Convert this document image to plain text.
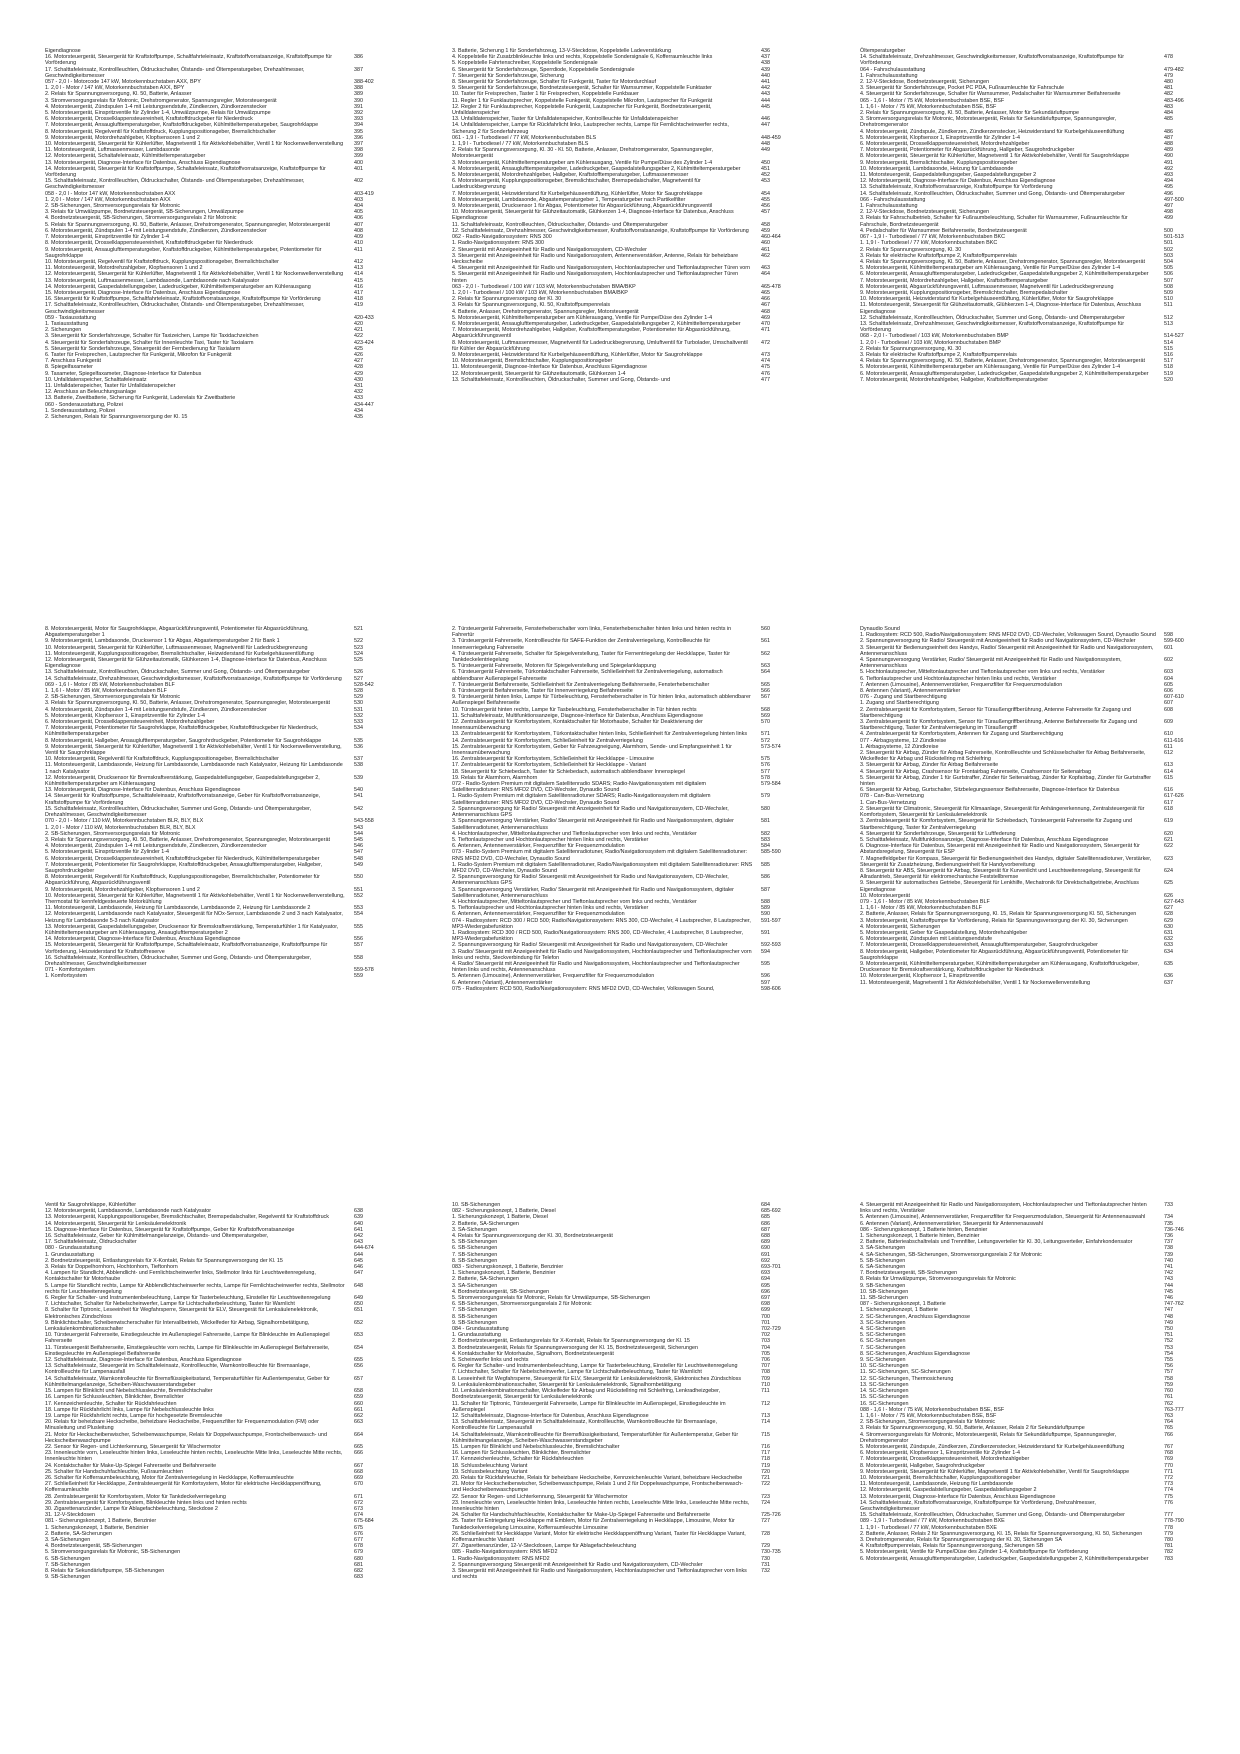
Eigendiagnose
16. Motorsteuergerät, Steuergerät für Kraftstoffpumpe, Schaltfahrteleinsatz, Kraftstoffvorratsanzeige, Kraftstoffpumpe für Vorförderung
386
17. Schalttafeleinsatz, Kontrollleuchten, Öldruckschalter, Ölstands- und Öltemperaturgeber, Drehzahlmesser, Geschwindigkeitsmesser
387
057 - 2,0 l - Motorcode 147 kW, Motorkennbuchstaben AXX, BPY	388-402
1. 2,0 l - Motor / 147 kW, Motorkennbuchstaben AXX, BPY	388
2. Relais für Spannungsversorgung, Kl. 50, Batterie, Anlasser	389
3. Stromversorgungsrelais für Motronic, Drehstromgenerator, Spannungsregler, Motorsteuergerät	390
4. Motorsteuergerät, Zündspulen 1-4 mit Leistungsendstufe, Zündkerzen, Zündkerzenstecker	391
5. Motorsteuergerät, Einspritzventile für Zylinder 1-4, Umwälzpumpe, Relais für Umwälzpumpe	392
6. Motorsteuergerät, Drosselklappensteuereinheit, Kraftstoffdruckgeber für Niederdruck	393
7. Motorsteuergerät, Ansauglufttemperaturgeber, Kraftstoffdruckgeber, Kühlmitteltemperaturgeber, Saugrohrklappe	394
8. Motorsteuergerät, Regelventil für Kraftstoffdruck, Kupplungspositionsgeber, Bremslichtschalter	395
9. Motorsteuergerät, Motordrehzahlgeber, Klopfsensoren 1 und 2	396
10. Motorsteuergerät, Steuergerät für Kühlerlüfter, Magnetventil 1 für Aktivkohlebehälter, Ventil 1 für Nockenwellenverstellung	397
11. Motorsteuergerät, Luftmassenmesser, Lambdasonde	398
12. Motorsteuergerät, Schaltafeleinsatz, Kühlmitteltemperaturgeber	399
13. Motorsteuergerät, Diagnose-Interface für Datenbus, Anschluss Eigendiagnose	400
14. Motorsteuergerät, Steuergerät für Kraftstoffpumpe, Schaltafeleinsatz, Kraftstoffvorratsanzeige, Kraftstoffpumpe für Vorförderung
401
15. Schalttafeleinsatz, Kontrollleuchten, Öldruckschalter, Ölstands- und Öltemperaturgeber, Drehzahlmesser, Geschwindigkeitsmesser
402
058 - 2,0 l - Motor 147 kW, Motorkennbuchstaben AXX	403-419
1. 2,0 l - Motor / 147 kW, Motorkennbuchstaben AXX	403
2. SB-Sicherungen, Stromversorgungsrelais für Motronic	404
3. Relais für Umwälzpumpe, Bordnetzsteuergerät, SB-Sicherungen, Umwälzpumpe	405
4. Bordnetzsteuergerät, SB-Sicherungen, Stromversorgungsrelais 2 für Motronic	406
5. Relais für Spannungsversorgung, Kl. 50, Batterie, Anlasser, Drehstromgenerator, Spannungsregler, Motorsteuergerät	407
6. Motorsteuergerät, Zündspulen 1-4 mit Leistungsendstufe, Zündkerzen, Zündkerzenstecker	408
7. Motorsteuergerät, Einspritzventile für Zylinder 1-4	409
8. Motorsteuergerät, Drosselklappensteuereinheit, Kraftstoffdruckgeber für Niederdruck	410
9. Motorsteuergerät, Ansauglufttemperaturgeber, Kraftstoffdruckgeber, Kühlmitteltemperaturgeber, Potentiometer für Saugrohrklappe
411
10. Motorsteuergerät, Regelventil für Kraftstoffdruck, Kupplungspositionsgeber, Bremslichtschalter	412
11. Motorsteuergerät, Motordrehzahlgeber, Klopfsensoren 1 und 2	413
12. Motorsteuergerät, Steuergerät für Kühlerlüfter, Magnetventil 1 für Aktivkohlebehälter, Ventil 1 für Nockenwellenverstellung	414
13. Motorsteuergerät, Luftmassenmesser, Lambdasonde, Lambdasonde nach Katalysator	415
14. Motorsteuergerät, Gaspedalstellungsgeber, Ladedruckgeber, Kühlmitteltemperaturgeber am Kühlerausgang	416
15. Motorsteuergerät, Diagnose-Interface für Datenbus, Anschluss Eigendiagnose	417
16. Steuergerät für Kraftstoffpumpe, Schaltfahrteleinsatz, Kraftstoffvorratsanzeige, Kraftstoffpumpe für Vorförderung	418
17. Schalttafeleinsatz, Kontrollleuchten, Öldruckschalter, Ölstands- und Öltemperaturgeber, Drehzahlmesser, Geschwindigkeitsmesser
419
059 - Taxiausstattung	420-433
1. Taxiausstattung	420
2. Sicherungen	421
3. Steuergerät für Sonderfahrzeuge, Schalter für Taxizeichen, Lampe für Taxidachzeichen	422
4. Steuergerät für Sonderfahrzeuge, Schalter für Innenleuchte Taxi, Taster für Taxialarm	423-424
5. Steuergerät für Sonderfahrzeuge, Steuergerät der Fernbedienung für Taxialarm	425
6. Taster für Freisprechen, Lautsprecher für Funkgerät, Mikrofon für Funkgerät	426
7. Anschluss Funkgerät	427
8. Spiegelfaxameter	428
9. Taxameter, Spiegelfaxameter, Diagnose-Interface für Datenbus	429
10. Unfalldatenspeicher, Schalttafeleinsatz	430
11. Unfalldatenspeicher, Taster für Unfalldatenspeicher	431
12. Anschluss an Beleuchtungsanlage	432
13. Batterie, Zweitbatterie, Sicherung für Funkgerät, Laderelais für Zweitbatterie	433
060 - Sonderausstattung, Polizei	434-447
1. Sonderausstattung, Polizei	434
2. Sicherungen, Relais für Spannungsversorgung der Kl. 15	435
3. Batterie, Sicherung 1 für Sonderfahrzeug, 13-V-Steckdose, Koppelstelle Ladeverstärkung	436
4. Koppelstelle für Zusatzblinkleuchte links und rechts, Koppelstelle Sondersignale 6, Kofferraumleuchte links	437
5. Koppelstelle Fahrtenschreiber, Koppelstelle Sondersignale	438
6. Steuergerät für Sonderfahrzeuge, Sperrdiode, Koppelstelle Sondersignale	439
7. Steuergerät für Sonderfahrzeuge, Sicherung	440
8. Steuergerät für Sonderfahrzeuge, Schalter für Funkgerät, Taster für Motordurchlauf	441
9. Steuergerät für Sonderfahrzeuge, Bordnetzsteuergerät, Schalter für Warnsummer, Koppelstelle Funktaster	442
10. Taster für Freisprechen, Taster 1 für Freisprechen, Koppelstelle Funkbauer	443
11. Regler 1 für Funklautsprecher, Koppelstelle Funkgerät, Koppelstelle Mikrofon, Lautsprecher für Funkgerät	444
12. Regler 2 für Funklautsprecher, Koppelstelle Funkgerät, Lautsprecher für Funkgerät, Bordnetzsteuergerät, Unfalldatenspeicher
445
13. Unfalldatenspeicher, Taster für Unfalldatenspeicher, Kontrollleuchte für Unfalldatenspeicher	446
14. Unfalldatenspeicher, Lampe für Rückfahrlicht links, Lautsprecher rechts, Lampe für Fernlichtscheinwerfer rechts, Sicherung 2 für Sonderfahrzeug
447
061 - 1,9 l - Turbodiesel / 77 kW, Motorkennbuchstaben BLS	448-459
1. 1,9 l - Turbodiesel / 77 kW, Motorkennbuchstaben BLS	448
2. Relais für Spannungsversorgung, Kl. 30 - Kl. 50, Batterie, Anlasser, Drehstromgenerator, Spannungsregler, Motorsteuergerät
449
3. Motorsteuergerät, Kühlmitteltemperaturgeber am Kühlerausgang, Ventile für Pumpe/Düse des Zylinder 1-4	450
4. Motorsteuergerät, Ansauglufttemperaturgeber, Ladedruckgeber, Gaspedalstellungsgeber 2, Kühlmitteltemperaturgeber	451
5. Motorsteuergerät, Motordrehzahlgeber, Hallgeber, Kraftstofftemperaturgeber, Luftmassenmesser	452
6. Motorsteuergerät, Kupplungspositionsgeber, Bremslichtschalter, Bremspedalschalter, Magnetventil für Ladedruckbegrenzung
453
7. Motorsteuergerät, Heizwiderstand für Kurbelgehäuseentlüftung, Kühlerlüfter, Motor für Saugrohrklappe	454
8. Motorsteuergerät, Lambdasonde, Abgastemperaturgeber 1, Temperaturgeber nach Partikelfilter	455
9. Motorsteuergerät, Drucksensor 1 für Abgas, Potentiometer für Abgasrückführung, Abgasrückführungsventil	456
10. Motorsteuergerät, Steuergerät für Glühzeitautomatik, Glühkerzen 1-4, Diagnose-Interface für Datenbus, Anschluss Eigendiagnose
457
11. Schalttafeleinsatz, Kontrollleuchten, Öldruckschalter, Ölstands- und Öltemperaturgeber	458
12. Schalttafeleinsatz, Drehzahlmesser, Geschwindigkeitsmesser, Kraftstoffvorratsanzeige, Kraftstoffpumpe für Vorförderung	459
062 - Radio-Navigationssystem: RNS 300	460-464
1. Radio-Navigationssystem: RNS 300	460
2. Steuergerät mit Anzeigeeinheit für Radio und Navigationssystem, CD-Wechsler	461
3. Steuergerät mit Anzeigeeinheit für Radio und Navigationssystem, Antennenverstärker, Antenne, Relais für beheizbare Heckscheibe
462
4. Steuergerät mit Anzeigeeinheit für Radio und Navigationssystem, Hochtonlautsprecher und Tieftonlautsprecher Türen vorn	463
5. Steuergerät mit Anzeigeeinheit für Radio und Navigationssystem, Hochtonlautsprecher und Tieftonlautsprecher Türen hinten
464
063 - 2,0 l - Turbodiesel / 100 kW / 103 kW, Motorkennbuchstaben BMA/BKP	465-478
1. 2,0 l - Turbodiesel / 100 kW / 103 kW, Motorkennbuchstaben BMA/BKP	465
2. Relais für Spannungsversorgung der Kl. 30	466
3. Relais für Spannungsversorgung, Kl. 50, Kraftstoffpumpenrelais	467
4. Batterie, Anlasser, Drehstromgenerator, Spannungsregler, Motorsteuergerät	468
5. Motorsteuergerät, Kühlmitteltemperaturgeber am Kühlerausgang, Ventile für Pumpe/Düse des Zylinder 1-4	469
6. Motorsteuergerät, Ansauglufttemperaturgeber, Ladedruckgeber, Gaspedalstellungsgeber 2, Kühlmitteltemperaturgeber	470
7. Motorsteuergerät, Motordrehzahlgeber, Hallgeber, Kraftstofftemperaturgeber, Potentiometer für Abgasrückführung, Abgasrückführungsventil
471
8. Motorsteuergerät, Luftmassenmesser, Magnetventil für Ladedruckbegrenzung, Umluftventil für Turbolader, Umschaltventil für Kühler der Abgasrückführung
472
9. Motorsteuergerät, Heizwiderstand für Kurbelgehäuseentlüftung, Kühlerlüfter, Motor für Saugrohrklappe	473
10. Motorsteuergerät, Bremslichtschalter, Kupplungspositionsgeber	474
11. Motorsteuergerät, Diagnose-Interface für Datenbus, Anschluss Eigendiagnose	475
12. Motorsteuergerät, Steuergerät für Glühzeitautomatik, Glühkerzen 1-4	476
13. Schalttafeleinsatz, Kontrollleuchten, Öldruckschalter, Summer und Gong, Ölstands- und	477
Öltemperaturgeber
14. Schalttafeleinsatz, Drehzahlmesser, Geschwindigkeitsmesser, Kraftstoffvorratsanzeige, Kraftstoffpumpe für Vorförderung
478
064 - Fahrschulausstattung	479-482
1. Fahrschulausstattung	479
2. 12-V-Steckdose, Bordnetzsteuergerät, Sicherungen	480
3. Steuergerät für Sonderfahrzeuge, Pocket PC PDA, Fußraumleuchte für Fahrschule	481
4. Steuergerät für Sonderfahrzeuge, Schalter für Warnsummer, Pedalschalter für Warnsummer Beifahrerseite	482
065 - 1,6 l - Motor / 75 kW, Motorkennbuchstaben BSE, BSF	483-496
1. 1,6 l - Motor / 75 kW, Motorkennbuchstaben BSE, BSF	483
2. Relais für Spannungsversorgung, Kl. 50, Batterie, Anlasser, Motor für Sekundärluftpumpe	484
3. Stromversorgungsrelais für Motronic, Motorsteuergerät, Relais für Sekundärluftpumpe, Spannungsregler, Drehstromgenerator
485
4. Motorsteuergerät, Zündspule, Zündkerzen, Zündkerzenstecker, Heizwiderstand für Kurbelgehäuseentlüftung	486
5. Motorsteuergerät, Klopfsensor 1, Einspritzventile für Zylinder 1-4	487
6. Motorsteuergerät, Drosselklappensteuereinheit, Motordrehzahlgeber	488
7. Motorsteuergerät, Potentiometer für Abgasrückführung, Hallgeber, Saugrohrdruckgeber	489
8. Motorsteuergerät, Steuergerät für Kühlerlüfter, Magnetventil 1 für Aktivkohlebehälter, Ventil für Saugrohrklappe	490
9. Motorsteuergerät, Bremslichtschalter, Kupplungspositionsgeber	491
10. Motorsteuergerät, Lambdasonde, Heizung für Lambdasonde	492
11. Motorsteuergerät, Gaspedalstellungsgeber, Gaspedalstellungsgeber 2	493
12. Motorsteuergerät, Diagnose-Interface für Datenbus, Anschluss Eigendiagnose	494
13. Schalttafeleinsatz, Kraftstoffvorratsanzeige, Kraftstoffpumpe für Vorförderung	495
14. Schalttafeleinsatz, Kontrollleuchten, Öldruckschalter, Summer und Gong, Ölstands- und Öltemperaturgeber	496
066 - Fahrschulausstattung	497-500
1. Fahrschulausstattung	497
2. 12-V-Steckdose, Bordnetzsteuergerät, Sicherungen	498
3. Relais für Fahrschulbetrieb, Schalter für Fußraumbeleuchtung, Schalter für Warnsummer, Fußraumleuchte für Fahrschule, Bordnetzsteuergerät
499
4. Pedalschalter für Warnsummer Beifahrerseite, Bordnetzsteuergerät	500
067 - 1,9 l - Turbodiesel / 77 kW, Motorkennbuchstaben BKC	501-513
1. 1,9 l - Turbodiesel / 77 kW, Motorkennbuchstaben BKC	501
2. Relais für Spannungsversorgung, Kl. 30	502
3. Relais für elektrische Kraftstoffpumpe 2, Kraftstoffpumpenrelais	503
4. Relais für Spannungsversorgung, Kl. 50, Batterie, Anlasser, Drehstromgenerator, Spannungsregler, Motorsteuergerät	504
5. Motorsteuergerät, Kühlmitteltemperaturgeber am Kühlerausgang, Ventile für Pumpe/Düse des Zylinder 1-4	505
6. Motorsteuergerät, Ansauglufttemperaturgeber, Ladedruckgeber, Gaspedalstellungsgeber 2, Kühlmitteltemperaturgeber	506
7. Motorsteuergerät, Motordrehzahlgeber, Hallgeber, Kraftstofftemperaturgeber	507
8. Motorsteuergerät, Abgasrückführungsventil, Luftmassenmesser, Magnetventil für Ladedruckbegrenzung	508
9. Motorsteuergerät, Kupplungspositionsgeber, Bremslichtschalter, Bremspedalschalter	509
10. Motorsteuergerät, Heizwiderstand für Kurbelgehäuseentlüftung, Kühlerlüfter, Motor für Saugrohrklappe	510
11. Motorsteuergerät, Steuergerät für Glühzeitautomatik, Glühkerzen 1-4, Diagnose-Interface für Datenbus, Anschluss Eigendiagnose
511
12. Schalttafeleinsatz, Kontrollleuchten, Öldruckschalter, Summer und Gong, Ölstands- und Öltemperaturgeber	512
13. Schalttafeleinsatz, Drehzahlmesser, Geschwindigkeitsmesser, Kraftstoffvorratsanzeige, Kraftstoffpumpe für Vorförderung
513
068 - 2,0 l - Turbodiesel / 103 kW, Motorkennbuchstaben BMP	514-527
1. 2,0 l - Turbodiesel / 103 kW, Motorkennbuchstaben BMP	514
2. Relais für Spannungsversorgung, Kl. 30	515
3. Relais für elektrische Kraftstoffpumpe 2, Kraftstoffpumpenrelais	516
4. Relais für Spannungsversorgung, Kl. 50, Batterie, Anlasser, Drehstromgenerator, Spannungsregler, Motorsteuergerät	517
5. Motorsteuergerät, Kühlmitteltemperaturgeber am Kühlerausgang, Ventile für Pumpe/Düse des Zylinder 1-4	518
6. Motorsteuergerät, Ansauglufttemperaturgeber, Ladedruckgeber, Gaspedalstellungsgeber 2, Kühlmitteltemperaturgeber	519
7. Motorsteuergerät, Motordrehzahlgeber, Hallgeber, Kraftstofftemperaturgeber	520
8. Motorsteuergerät, Motor für Saugrohrklappe, Abgasrückführungsventil, Potentiometer für Abgasrückführung, Abgastemperaturgeber 1
521
9. Motorsteuergerät, Lambdasonde, Drucksensor 1 für Abgas, Abgastemperaturgeber 2 für Bank 1	522
10. Motorsteuergerät, Steuergerät für Kühlerlüfter, Luftmassenmesser, Magnetventil für Ladedruckbegrenzung	523
11. Motorsteuergerät, Kupplungspositionsgeber, Bremslichtschalter, Heizwiderstand für Kurbelgehäuseentlüftung	524
12. Motorsteuergerät, Steuergerät für Glühzeitautomatik, Glühkerzen 1-4, Diagnose-Interface für Datenbus, Anschluss Eigendiagnose
525
13. Schalttafeleinsatz, Kontrollleuchten, Öldruckschalter, Summer und Gong, Ölstands- und Öltemperaturgeber	526
14. Schalttafeleinsatz, Drehzahlmesser, Geschwindigkeitsmesser, Kraftstoffvorratsanzeige, Kraftstoffpumpe für Vorförderung	527
069 - 1,6 l - Motor / 85 kW, Motorkennbuchstaben BLF	528-542
1. 1,6 l - Motor / 85 kW, Motorkennbuchstaben BLF	528
2. SB-Sicherungen, Stromversorgungsrelais für Motronic	529
3. Relais für Spannungsversorgung, Kl. 50, Batterie, Anlasser, Drehstromgenerator, Spannungsregler, Motorsteuergerät	530
4. Motorsteuergerät, Zündspulen 1-4 mit Leistungsendstufe, Zündkerzen, Zündkerzenstecker	531
5. Motorsteuergerät, Klopfsensor 1, Einspritzventile für Zylinder 1-4	532
6. Motorsteuergerät, Drosselklappensteuereinheit, Motordrehzahlgeber	533
7. Motorsteuergerät, Potentiometer für Saugrohrklappe, Kraftstoffdruckgeber, Kraftstoffdruckgeber für Niederdruck, Kühlmitteltemperaturgeber
534
8. Motorsteuergerät, Hallgeber, Ansauglufttemperaturgeber, Saugrohrdruckgeber, Potentiometer für Saugrohrklappe	535
9. Motorsteuergerät, Steuergerät für Kühlerlüfter, Magnetventil 1 für Aktivkohlebehälter, Ventil 1 für Nockenwellenverstellung, Ventil für Saugrohrklappe
536
10. Motorsteuergerät, Regelventil für Kraftstoffdruck, Kupplungspositionsgeber, Bremslichtschalter	537
11. Motorsteuergerät, Lambdasonde, Heizung für Lambdasonde, Lambdasonde nach Katalysator, Heizung für Lambdasonde 1 nach Katalysator
538
12. Motorsteuergerät, Drucksensor für Bremskraftverstärkung, Gaspedalstellungsgeber, Gaspedalstellungsgeber 2, Kühlmitteltemperaturgeber am Kühlerausgang
539
13. Motorsteuergerät, Diagnose-Interface für Datenbus, Anschluss Eigendiagnose	540
14. Steuergerät für Kraftstoffpumpe, Schalttafeleinsatz, Kraftstoffvorratsanzeige, Geber für Kraftstoffvorratsanzeige, Kraftstoffpumpe für Vorförderung
541
15. Schalttafeleinsatz, Kontrollleuchten, Öldruckschalter, Summer und Gong, Ölstands- und Öltemperaturgeber, Drehzahlmesser, Geschwindigkeitsmesser
542
070 - 2,0 l - Motor / 110 kW, Motorkennbuchstaben BLR, BLY, BLX	543-558
1. 2,0 l - Motor / 110 kW, Motorkennbuchstaben BLR, BLY, BLX	543
2. SB-Sicherungen, Stromversorgungsrelais für Motronic	544
3. Relais für Spannungsversorgung, Kl. 50, Batterie, Anlasser, Drehstromgenerator, Spannungsregler, Motorsteuergerät	545
4. Motorsteuergerät, Zündspulen 1-4 mit Leistungsendstufe, Zündkerzen, Zündkerzenstecker	546
5. Motorsteuergerät, Einspritzventile für Zylinder 1-4	547
6. Motorsteuergerät, Drosselklappensteuereinheit, Kraftstoffdruckgeber für Niederdruck, Kühlmitteltemperaturgeber	548
7. Motorsteuergerät, Potentiometer für Saugrohrklappe, Kraftstoffdruckgeber, Ansauglufttemperaturgeber, Hallgeber, Saugrohrdruckgeber
549
8. Motorsteuergerät, Regelventil für Kraftstoffdruck, Kupplungspositionsgeber, Bremslichtschalter, Potentiometer für Abgasrückführung, Abgasrückführungsventil
550
9. Motorsteuergerät, Motordrehzahlgeber, Klopfsensoren 1 und 2	551
10. Motorsteuergerät, Steuergerät für Kühlerlüfter, Magnetventil 1 für Aktivkohlebehälter, Ventil 1 für Nockenwellenverstellung, Thermostat für kennfeldgesteuerte Motorkühlung
552
11. Motorsteuergerät, Lambdasonde, Heizung für Lambdasonde, Lambdasonde 2, Heizung für Lambdasonde 2	553
12. Motorsteuergerät, Lambdasonde nach Katalysator, Steuergerät für NOx-Sensor, Lambdasonde 2 und 3 nach Katalysator, Heizung für Lambdasonde 5-3 nach Katalysator
554
13. Motorsteuergerät, Gaspedalstellungsgeber, Drucksensor für Bremskraftverstärkung, Temperaturfühler 1 für Katalysator, Kühlmitteltemperaturgeber am Kühlerausgang, Ansauglufttemperaturgeber 2
555
14. Motorsteuergerät, Diagnose-Interface für Datenbus, Anschluss Eigendiagnose	556
15. Motorsteuergerät, Steuergerät für Kraftstoffpumpe, Schalttafeleinsatz, Kraftstoffvorratsanzeige, Kraftstoffpumpe für Vorförderung, Heizwiderstand für Kraftstoffreserve
557
16. Schalttafeleinsatz, Kontrollleuchten, Öldruckschalter, Summer und Gong, Ölstands- und Öltemperaturgeber, Drehzahlmesser, Geschwindigkeitsmesser
558
071 - Komfortsystem	559-578
1. Komfortsystem	559
2. Türsteuergerät Fahrerseite, Fensterheberschalter vorn links, Fensterheberschalter hinten links und hinten rechts in Fahrertür
560
3. Türsteuergerät Fahrerseite, Kontrollleuchte für SAFE-Funktion der Zentralverriegelung, Kontrollleuchte für Innenverriegelung Fahrerseite
561
4. Türsteuergerät Fahrerseite, Schalter für Spiegelverstellung, Taster für Fernentriegelung der Heckklappe, Taster für Tankdeckelentriegelung
562
5. Türsteuergerät Fahrerseite, Motoren für Spiegelverstellung und Spiegelanklappung	563
6. Türsteuergerät Fahrerseite, Türkontaktschalter Fahrerseite, Schließeinheit für Zentralverriegelung, automatisch abblendbarer Außenspiegel Fahrerseite
564
7. Türsteuergerät Beifahrerseite, Schließeinheit für Zentralverriegelung Beifahrerseite, Fensterheberschalter	565
8. Türsteuergerät Beifahrerseite, Taster für Innenverriegelung Beifahrerseite	566
9. Türsteuergerät hinten links, Lampe für Türbeleuchtung, Fensterheberschalter in Tür hinten links, automatisch abblendbarer Außenspiegel Beifahrerseite
567
10. Türsteuergerät hinten rechts, Lampe für Tasbeleuchtung, Fensterheberschalter in Tür hinten rechts	568
11. Schalttafeleinsatz, Multifunktionsanzeige, Diagnose-Interface für Datenbus, Anschluss Eigendiagnose	569
12. Zentralsteuergerät für Komfortsystem, Kontaktschalter für Motorhaube, Schalter für Deaktivierung der Innenraumüberwachung
570
13. Zentralsteuergerät für Komfortsystem, Türkontaktschalter hinten links, Schließeinheit für Zentralverriegelung hinten links	571
14. Zentralsteuergerät für Komfortsystem, Schließeinheit für Zentralverriegelung	572
15. Zentralsteuergerät für Komfortsystem, Geber für Fahrzeugneigung, Alarmhorn, Sende- und Empfangseinheit 1 für Innenraumüberwachung
573-574
16. Zentralsteuergerät für Komfortsystem, Schließeinheit für Heckklappe - Limousine	575
17. Zentralsteuergerät für Komfortsystem, Schließeinheit für Heckklappe - Variant	576
18. Steuergerät für Schiebedach, Taster für Schiebedach, automatisch abblendbarer Innenspiegel	577
19. Relais für Alarmhorn, Alarmhorn	578
072 - Radio-System Premium mit digitalem Satellitenradio SDARS; Radio-Navigationssystem mit digitalem Satellitenradiotuner: RNS MFD2 DVD, CD-Wechsler, Dynaudio Sound
579-584
1. Radio-System Premium mit digitalem Satellitenradiotuner SDARS; Radio-Navigationssystem mit digitalem Satellitenradiotuner: RNS MFD2 DVD, CD-Wechsler, Dynaudio Sound
579
2. Spannungsversorgung für Radio/ Steuergerät mit Anzeigeeinheit für Radio und Navigationssystem, CD-Wechsler, Antennenanschluss GPS
580
3. Spannungsversorgung Verstärker, Radio/ Steuergerät mit Anzeigeeinheit für Radio und Navigationssystem, digitaler Satellitenradiotuner, Antennenanschluss
581
4. Hochtonlautsprecher, Mitteltonlautsprecher und Tieftonlautsprecher vorn links und rechts, Verstärker	582
5. Tieftonlautsprecher und Hochtonlautsprecher hinten links und rechts, Verstärker	583
6. Antennen, Antennenverstärker, Frequenzfilter für Frequenzmodulation	584
073 - Radio-System Premium mit digitalem Satellitenradiotuner, Radio/Navigationssystem mit digitalem Satellitenradiotuner: RNS MFD2 DVD, CD-Wechsler, Dynaudio Sound
585-590
1. Radio-System Premium mit digitalem Satellitenradiotuner, Radio/Navigationssystem mit digitalem Satellitenradiotuner: RNS MFD2 DVD, CD-Wechsler, Dynaudio Sound
585
2. Spannungsversorgung für Radio/ Steuergerät mit Anzeigeeinheit für Radio und Navigationssystem, CD-Wechsler, Antennenanschluss GPS
586
3. Spannungsversorgung Verstärker, Radio/ Steuergerät mit Anzeigeeinheit für Radio und Navigationssystem, digitaler Satellitenradiotuner, Antennenanschluss
587
4. Hochtonlautsprecher, Mitteltonlautsprecher und Tieftonlautsprecher vorn links und rechts, Verstärker	588
5. Tieftonlautsprecher und Hochtonlautsprecher hinten links und rechts, Verstärker	589
6. Antennen, Antennenverstärker, Frequenzfilter für Frequenzmodulation	590
074 - Radiosystem: RCD 300 / RCD 500; Radio/Navigationssystem: RNS 300, CD-Wechsler, 4 Lautsprecher, 8 Lautsprecher, MP3-Wiedergabefunktion
591-597
1. Radiosystem: RCD 300 / RCD 500, Radio/Navigationssystem: RNS 300, CD-Wechsler, 4 Lautsprecher, 8 Lautsprecher, MP3-Wiedergabefunktion
591
2. Spannungsversorgung für Radio/ Steuergerät mit Anzeigeeinheit für Radio und Navigationssystem, CD-Wechsler	592-593
3. Radio/ Steuergerät mit Anzeigeeinheit für Radio und Navigationssystem, Hochtonlautsprecher und Tieftonlautsprecher vorn links und rechts, Steckverbindung für Telefon
594
4. Radio/ Steuergerät mit Anzeigeeinheit für Radio und Navigationssystem, Hochtonlautsprecher und Tieftonlautsprecher hinten links und rechts, Antennenanschluss
595
5. Antennen (Limousine), Antennenverstärker, Frequenzfilter für Frequenzmodulation	596
6. Antennen (Variant), Antennenverstärker	597
075 - Radiosystem: RCD 500, Radio/Navigationssystem: RNS MFD2 DVD, CD-Wechsler, Volkswagen Sound,	598-606
Dynaudio Sound
1. Radiosystem: RCD 500, Radio/Navigationssystem: RNS MFD2 DVD, CD-Wechsler, Volkswagen Sound, Dynaudio Sound	598
2. Spannungsversorgung für Radio/ Steuergerät mit Anzeigeeinheit für Radio und Navigationssystem, CD-Wechsler	599-600
3. Steuergerät für Bedienungseinheit des Handys, Radio/ Steuergerät mit Anzeigeeinheit für Radio und Navigationssystem, Antennenanschluss
601
4. Spannungsversorgung Verstärker, Radio/ Steuergerät mit Anzeigeeinheit für Radio und Navigationssystem, Antennenanschluss
602
5. Hochtonlautsprecher, Mitteltonlautsprecher und Tieftonlautsprecher vorn links und rechts, Verstärker	603
6. Tieftonlautsprecher und Hochtonlautsprecher hinten links und rechts, Verstärker	604
7. Antennen (Limousine), Antennenverstärker, Frequenzfilter für Frequenzmodulation	605
8. Antennen (Variant), Antennenverstärker	606
076 - Zugang und Startberechtigung	607-610
1. Zugang und Startberechtigung	607
2. Zentralsteuergerät für Komfortsystem, Sensor für Türaußengriffberührung, Antenne Fahrerseite für Zugang und Startberechtigung
608
3. Zentralsteuergerät für Komfortsystem, Sensor für Türaußengriffberührung, Antenne Beifahrerseite für Zugang und Startberechtigung, Taster für Zentralverriegelung im Türaußengriff
609
4. Zentralsteuergerät für Komfortsystem, Antennen für Zugang und Startberechtigung	610
077 - Airbagsysteme, 12 Zündkreise	611-616
1. Airbagsysteme, 12 Zündkreise	611
2. Steuergerät für Airbag, Zünder für Airbag Fahrerseite, Kontrollleuchte und Schlüsselschalter für Airbag Beifahrerseite, Wickelfeder für Airbag und Rückstellring mit Schleifring
612
3. Steuergerät für Airbag, Zünder für Airbag Beifahrerseite	613
4. Steuergerät für Airbag, Crashsensor für Frontairbag Fahrerseite, Crashsensor für Seitenairbag	614
5. Steuergerät für Airbag, Zünder 1 für Gurtstraffer, Zünder für Seitenairbag, Zünder für Kopfairbag, Zünder für Gurtstraffer hinten
615
6. Steuergerät für Airbag, Gurtschalter, Sitzbelegungssensor Beifahrerseite, Diagnose-Interface für Datenbus	616
078 - Can-Bus-Vernetzung	617-626
1. Can-Bus-Vernetzung	617
2. Steuergerät für Climatronic, Steuergerät für Klimaanlage, Steuergerät für Anhängererkennung, Zentralsteuergerät für Komfortsystem, Steuergerät für Lenksäulenelektronik
618
3. Zentralsteuergerät für Komfortsystem, Steuergerät für Schiebedach, Türsteuergerät Fahrerseite für Zugang und Startberechtigung, Taster für Zentralverriegelung
619
4. Steuergerät für Sonderfahrzeuge, Steuergerät für Luftfederung	620
5. Schalttafeleinsatz, Multifunktionsanzeige, Diagnose-Interface für Datenbus, Anschluss Eigendiagnose	621
6. Diagnose-Interface für Datenbus, Steuergerät mit Anzeigeeinheit für Radio und Navigationssystem, Steuergerät für Abstandsregelung, Steuergerät für ESP
622
7. Magnetfeldgeber für Kompass, Steuergerät für Bedienungseinheit des Handys, digitaler Satellitenradiotuner, Verstärker, Steuergerät für Zusatzheizung, Bedienungseinheit für Handyvorbereitung
623
8. Steuergerät für ABS, Steuergerät für Airbag, Steuergerät für Kurvenlicht und Leuchtweitenregelung, Steuergerät für Allradantrieb, Steuergerät für elektromechanische Feststellbremse
624
9. Steuergerät für automatisches Getriebe, Steuergerät für Lenkhilfe, Mechatronik für Direktschaltgetriebe, Anschluss Eigendiagnose
625
10. Motorsteuergerät	626
079 - 1,6 l - Motor / 85 kW, Motorkennbuchstaben BLF	627-643
1. 1,6 l - Motor / 85 kW, Motorkennbuchstaben BLF	627
2. Batterie, Anlasser, Relais für Spannungsversorgung, Kl. 15, Relais für Spannungsversorgung Kl. 50, Sicherungen	628
3. Motorsteuergerät, Kraftstoffpumpe für Vorförderung, Relais für Spannungsversorgung der Kl. 30, Sicherungen	629
4. Motorsteuergerät, Sicherungen	630
5. Motorsteuergerät, Geber für Gaspedalstellung, Motordrehzahlgeber	631
6. Motorsteuergerät, Zündspulen mit Leistungsendstufe	632
7. Motorsteuergerät, Drosselklappensteuereinheit, Ansauglufttemperaturgeber, Saugrohrdruckgeber	633
8. Motorsteuergerät, Hallgeber, Potentiometer für Abgasrückführung, Abgasrückführungsventil, Potentiometer für Saugrohrklappe
634
9. Motorsteuergerät, Kühlmitteltemperaturgeber, Kühlmitteltemperaturgeber am Kühlerausgang, Kraftstoffdruckgeber, Drucksensor für Bremskraftverstärkung, Kraftstoffdruckgeber für Niederdruck
635
10. Motorsteuergerät, Klopfsensor 1, Einspritzventile	636
11. Motorsteuergerät, Magnetventil 1 für Aktivkohlebehälter, Ventil 1 für Nockenwellenverstellung	637
Ventil für Saugrohrklappe, Kühlerlüfter
12. Motorsteuergerät, Lambdasonde, Lambdasonde nach Katalysator	638
13. Motorsteuergerät, Kupplungspositionsgeber, Bremslichtschalter, Bremspedalschalter, Regelventil für Kraftstoffdruck	639
14. Motorsteuergerät, Steuergerät für Lenksäulenelektronik	640
15. Diagnose-Interface für Datenbus, Steuergerät für Kraftstoffpumpe, Geber für Kraftstoffvorratsanzeige	641
16. Schalttafeleinsatz, Geber für Kühlmittelmangelanzeige, Ölstands- und Öltemperaturgeber,	642
17. Schalttafeleinsatz, Öldruckschalter	643
080 - Grundausstattung	644-674
1. Grundausstattung	644
2. Bordnetzsteuergerät, Entlastungsrelais für X-Kontakt, Relais für Spannungsversorgung der Kl. 15	645
3. Relais für Doppelhornhorn, Hochtonhorn, Tieftonhorn	646
4. Lampen für Standlicht, Abblendlicht- und Fernlichtscheinwerfer links, Stellmotor links für Leuchtweitenregelung, Kontaktschalter für Motorhaube
647
5. Lampe für Standlicht rechts, Lampe für Abblendlichtscheinwerfer rechts, Lampe für Fernlichtscheinwerfer rechts, Stellmotor rechts für Leuchtweitenregelung
648
6. Regler für Schalter- und Instrumentenbeleuchtung, Lampe für Tasterbeleuchtung, Einsteller für Leuchtweitenregelung	649
7. Lichtschalter, Schalter für Nebelscheinwerfer, Lampe für Lichtschalterbeleuchtung, Taster für Warnlicht	650
8. Schalter für Tiptronic, Leseeinheit für Wegfahrsperre, Steuergerät für ELV, Steuergerät für Lenksäulenelektronik, Elektronisches Zündschloss
651
9. Blinklichtschalter, Scheibenwischerschalter für Intervallbetrieb, Wickelfeder für Airbag, Signalhornbetätigung, Lenksäulenkombinationsschalter
652
10. Türsteuergerät Fahrerseite, Einstiegsleuchte im Außenspiegel Fahrerseite, Lampe für Blinkleuchte im Außenspiegel Fahrerseite
653
11. Türsteuergerät Beifahrerseite, Einstiegsleuchte vorn rechts, Lampe für Blinkleuchte im Außenspiegel Beifahrerseite, Einstiegsleuchte im Außenspiegel Beifahrerseite
654
12. Schalttafeleinsatz, Diagnose-Interface für Datenbus, Anschluss Eigendiagnose	655
13. Schalttafeleinsatz, Steuergerät im Schalttafeleinsatz, Kontrollleuchte, Warnkontrollleuchte für Bremsanlage, Kontrollleuchte für Lampenausfall
656
14. Schalttafeleinsatz, Warnkontrolleuchte für Bremsflüssigkeitsstand, Temperaturfühler für Außentemperatur, Geber für Kühlmittelmangelanzeige, Scheiben-Waschwasserstandsgeber
657
15. Lampen für Blinklicht und Nebelschlussleuchte, Bremslichtschalter	658
16. Lampen für Schlussleuchten, Blinklichter, Bremslichter	659
17. Kennzeichenleuchte, Schalter für Rückfahrleuchten	660
18. Lampe für Rückfahrlicht links, Lampe für Nebelschlussleuchte links	661
19. Lampe für Rückfahrlicht rechts, Lampe für hochgesetzte Bremsleuchte	662
20. Relais für beheizbare Heckscheibe, beheizbare Heckscheibe, Frequenzfilter für Frequenzmodulation (FM) oder Minusleitung und Plusleitung
663
21. Motor für Heckscheibenwischer, Scheibenwaschpumpe, Relais für Doppelwaschpumpe, Frontscheibenwasch- und Heckscheibenwaschpumpe
664
22. Sensor für Regen- und Lichterkennung, Steuergerät für Wischermotor	665
23. Innenleuchte vorn, Leseleuchte hinten links, Leseleuchte hinten rechts, Leseleuchte Mitte links, Leseleuchte Mitte rechts, Innenleuchte hinten
666
24. Kontaktschalter für Make-Up-Spiegel Fahrerseite und Beifahrerseite	667
25. Schalter für Handschuhfachleuchte, Fußraumleuchten	668
26. Schalter für Kofferraumbeleuchtung, Motor für Zentralverriegelung in Heckklappe, Kofferraumleuchte	669
27. Schließeinheit für Heckklappe, Zentralsteuergerät für Komfortsystem, Motor für elektrische Heckklappenöffnung, Kofferraumleuchte
670
28. Zentralsteuergerät für Komfortsystem, Motor für Tankdeckelverriegelung	671
29. Zentralsteuergerät für Komfortsystem, Blinkleuchte hinten links und hinten rechts	672
30. Zigarettenanzünder, Lampe für Ablagefachbeleuchtung, Steckdose 2	673
31. 12-V-Steckdosen	674
081 - Sicherungskonzept, 1 Batterie, Benzinier	675-684
1. Sicherungskonzept, 1 Batterie, Benzinier	675
2. Batterie, SA-Sicherungen	676
3. SA-Sicherungen	677
4. Bordnetzsteuergerät, SB-Sicherungen	678
5. Stromversorgungsrelais für Motronic, SB-Sicherungen	679
6. SB-Sicherungen	680
7. SB-Sicherungen	681
8. Relais für Sekundärluftpumpe, SB-Sicherungen	682
9. SB-Sicherungen	683
10. SB-Sicherungen	684
082 - Sicherungskonzept, 1 Batterie, Diesel	685-692
1. Sicherungskonzept, 1 Batterie, Diesel	685
2. Batterie, SA-Sicherungen	686
3. SA-Sicherungen	687
4. Relais für Spannungsversorgung der Kl. 30, Bordnetzsteuergerät	688
5. SB-Sicherungen	689
6. SB-Sicherungen	690
7. SB-Sicherungen	691
8. SB-Sicherungen	692
083 - Sicherungskonzept, 1 Batterie, Benzinier	693-701
1. Sicherungskonzept, 1 Batterie, Benzinier	693
2. Batterie, SA-Sicherungen	694
3. SA-Sicherungen	695
4. Bordnetzsteuergerät, SB-Sicherungen	696
5. Stromversorgungsrelais für Motronic, Relais für Umwälzpumpe, SB-Sicherungen	697
6. SB-Sicherungen, Stromversorgungsrelais 2 für Motronic	698
7. SB-Sicherungen	699
8. SB-Sicherungen	700
9. SB-Sicherungen	701
084 - Grundausstattung	702-729
1. Grundausstattung	702
2. Bordnetzsteuergerät, Entlastungsrelais für X-Kontakt, Relais für Spannungsversorgung der Kl. 15	703
3. Bordnetzsteuergerät, Relais für Spannungsversorgung der Kl. 15, Bordnetzsteuergerät, Sicherungen	704
4. Kontaktschalter für Motorhaube, Signalhorn, Bordnetzsteuergerät	705
5. Scheinwerfer links und rechts	706
6. Regler für Schalter- und Instrumentenbeleuchtung, Lampe für Tasterbeleuchtung, Einsteller für Leuchtweitenregelung	707
7. Lichtschalter, Schalter für Nebelscheinwerfer, Lampe für Lichtschalterbeleuchtung, Taster für Warnlicht	708
8. Leseeinheit für Wegfahrsperre, Steuergerät für ELV, Steuergerät für Lenksäulenelektronik, Elektronisches Zündschloss	709
9. Lenksäulenkombinationsschalter, Steuergerät für Lenksäulenelektronik, Signalhornbetätigung	710
10. Lenksäulenkombinationsschalter, Wickelfeder für Airbag und Rückstellring mit Schleifring, Lenkradheizgeber, Bordnetzsteuergerät, Steuergerät für Lenksäulenelektronik
711
11. Schalter für Tiptronic, Türsteuergerät Fahrerseite, Lampe für Blinkleuchte im Außenspiegel, Einstiegsleuchte im Außenspiegel
712
12. Schalttafeleinsatz, Diagnose-Interface für Datenbus, Anschluss Eigendiagnose	713
13. Schalttafeleinsatz, Steuergerät im Schalttafeleinsatz, Kontrollleuchte, Warnkontrollleuchte für Bremsanlage, Kontrollleuchte für Lampenausfall
714
14. Schalttafeleinsatz, Warnkontrollleuchte für Bremsflüssigkeitsstand, Temperaturfühler für Außentemperatur, Geber für Kühlmittelmangelanzeige, Scheiben-Waschwasserstandsgeber
715
15. Lampen für Blinklicht und Nebelschlussleuchte, Bremslichtschalter	716
16. Lampen für Schlussleuchten, Blinklichter, Bremslichter	717
17. Kennzeichenleuchte, Schalter für Rückfahrleuchten	718
18. Schlussbeleuchtung Variant	719
19. Schlussbeleuchtung Variant	720
20. Relais für Rückfahrleuchte, Relais für beheizbare Heckscheibe, Kennzeichenleuchte Variant, beheizbare Heckscheibe	721
21. Motor für Heckscheibenwischer, Scheibenwaschpumpe, Relais 1 und 2 für Doppelwaschpumpe, Frontscheibenwasch- und Heckscheibenwaschpumpe
722
22. Sensor für Regen- und Lichterkennung, Steuergerät für Wischermotor	723
23. Innenleuchte vorn, Leseleuchte hinten links, Leseleuchte hinten rechts, Leseleuchte Mitte links, Leseleuchte Mitte rechts, Innenleuchte hinten
724
24. Schalter für Handschuhfachleuchte, Kontaktschalter für Make-Up-Spiegel Fahrerseite und Beifahrerseite	725-726
25. Taster für Entriegelung Heckklappe mit Emblem, Motor für Zentralverriegelung in Heckklappe, Limousine, Motor für Tankdeckelverriegelung Limousine, Kofferraumleuchte Limousine
727
26. Schließeinheit für Heckklappe Variant, Motor für elektrische Heckklappenöffnung Variant, Taster für Heckklappe Variant, Kofferraumleuchte Variant
728
27. Zigarettenanzünder, 12-V-Steckdosen, Lampe für Ablagefachbeleuchtung	729
085 - Radio-Navigationssystem: RNS MFD2	730-735
1. Radio-Navigationssystem: RNS MFD2	730
2. Spannungsversorgung Steuergerät mit Anzeigeeinheit für Radio und Navigationssystem, CD-Wechsler	731
3. Steuergerät mit Anzeigeeinheit für Radio und Navigationssystem, Hochtonlautsprecher und Tieftonlautsprecher vorn links und rechts
732
4. Steuergerät mit Anzeigeeinheit für Radio und Navigationssystem, Hochtonlautsprecher und Tieftonlautsprecher hinten links und rechts, Verstärker
733
5. Antennen (Limousine), Antennenverstärker, Frequenzfilter für Frequenzmodulation, Steuergerät für Antennenauswahl	734
6. Antennen (Variant), Antennenverstärker, Steuergerät für Antennenauswahl	735
086 - Sicherungskonzept, 1 Batterie hinten, Benzinier	736-746
1. Sicherungskonzept, 1 Batterie hinten, Benzinier	736
2. Batterie, Batterieabschaltrelais und Trennfilter, Leitungsverteiler für Kl. 30, Leitungsverteiler, Einfahrkondensator	737
3. SA-Sicherungen	738
4. SA-Sicherungen, SB-Sicherungen, Stromversorgungsrelais 2 für Motronic	739
5. SB-Sicherungen	740
6. SA-Sicherungen	741
7. Bordnetzsteuergerät, SB-Sicherungen	742
8. Relais für Umwälzpumpe, Stromversorgungsrelais für Motronic	743
9. SB-Sicherungen	744
10. SB-Sicherungen	745
11. SB-Sicherungen	746
087 - Sicherungskonzept, 1 Batterie	747-762
1. Sicherungskonzept, 1 Batterie	747
2. SC-Sicherungen, Anschluss Eigendiagnose	748
3. SC-Sicherungen	749
4. SC-Sicherungen	750
5. SC-Sicherungen	751
6. SC-Sicherungen	752
7. SC-Sicherungen	753
8. SC-Sicherungen, Anschluss Eigendiagnose	754
9. SC-Sicherungen	755
10. SC-Sicherungen	756
11. SC-Sicherungen, SC-Sicherungen	757
12. SC-Sicherungen, Thermosicherung	758
13. SC-Sicherungen	759
14. SC-Sicherungen	760
15. SC-Sicherungen	761
16. SC-Sicherungen	762
088 - 1,6 l - Motor / 75 kW, Motorkennbuchstaben BSE, BSF	763-777
1. 1,6 l - Motor / 75 kW, Motorkennbuchstaben BSE, BSF	763
2. SB-Sicherungen, Stromversorgungsrelais für Motronic	764
3. Relais für Spannungsversorgung, Kl. 50, Batterie, Anlasser, Relais 2 für Sekundärluftpumpe	765
4. Stromversorgungsrelais für Motronic, Motorsteuergerät, Relais für Sekundärluftpumpe, Spannungsregler, Drehstromgenerator
766
5. Motorsteuergerät, Zündspule, Zündkerzen, Zündkerzenstecker, Heizwiderstand für Kurbelgehäuseentlüftung	767
6. Motorsteuergerät, Klopfsensor 1, Einspritzventile für Zylinder 1-4	768
7. Motorsteuergerät, Drosselklappensteuereinheit, Motordrehzahlgeber	769
8. Motorsteuergerät, Hallgeber, Saugrohrdruckgeber	770
9. Motorsteuergerät, Steuergerät für Kühlerlüfter, Magnetventil 1 für Aktivkohlebehälter, Ventil für Saugrohrklappe	771
10. Motorsteuergerät, Bremslichtschalter, Kupplungspositionsgeber	772
11. Motorsteuergerät, Lambdasonde, Heizung für Lambdasonde	773
12. Motorsteuergerät, Gaspedalstellungsgeber, Gaspedalstellungsgeber 2	774
13. Motorsteuergerät, Diagnose-Interface für Datenbus, Anschluss Eigendiagnose	775
14. Schalttafeleinsatz, Kraftstoffvorratsanzeige, Kraftstoffpumpe für Vorförderung, Drehzahlmesser, Geschwindigkeitsmesser
776
15. Schalttafeleinsatz, Kontrollleuchten, Öldruckschalter, Summer und Gong, Ölstands- und Öltemperaturgeber	777
089 - 1,9 l - Turbodiesel / 77 kW, Motorkennbuchstaben BXE	778-790
1. 1,9 l - Turbodiesel / 77 kW, Motorkennbuchstaben BXE	778
2. Batterie, Anlasser, Relais 2 für Spannungsversorgung, Kl. 15, Relais für Spannungsversorgung, Kl. 50, Sicherungen	779
3. Drehstromgenerator, Relais für Spannungsversorgung der Kl. 30, Sicherungen SA	780
4. Kraftstoffpumpenrelais, Relais für Spannungsversorgung, Sicherungen SB	781
5. Motorsteuergerät, Ventile für Pumpe/Düse des Zylinder 1-4, Kraftstoffpumpe für Vorförderung	782
6. Motorsteuergerät, Ansauglufttemperaturgeber, Ladedruckgeber, Gaspedalstellungsgeber 2, Kühlmitteltemperaturgeber	783
